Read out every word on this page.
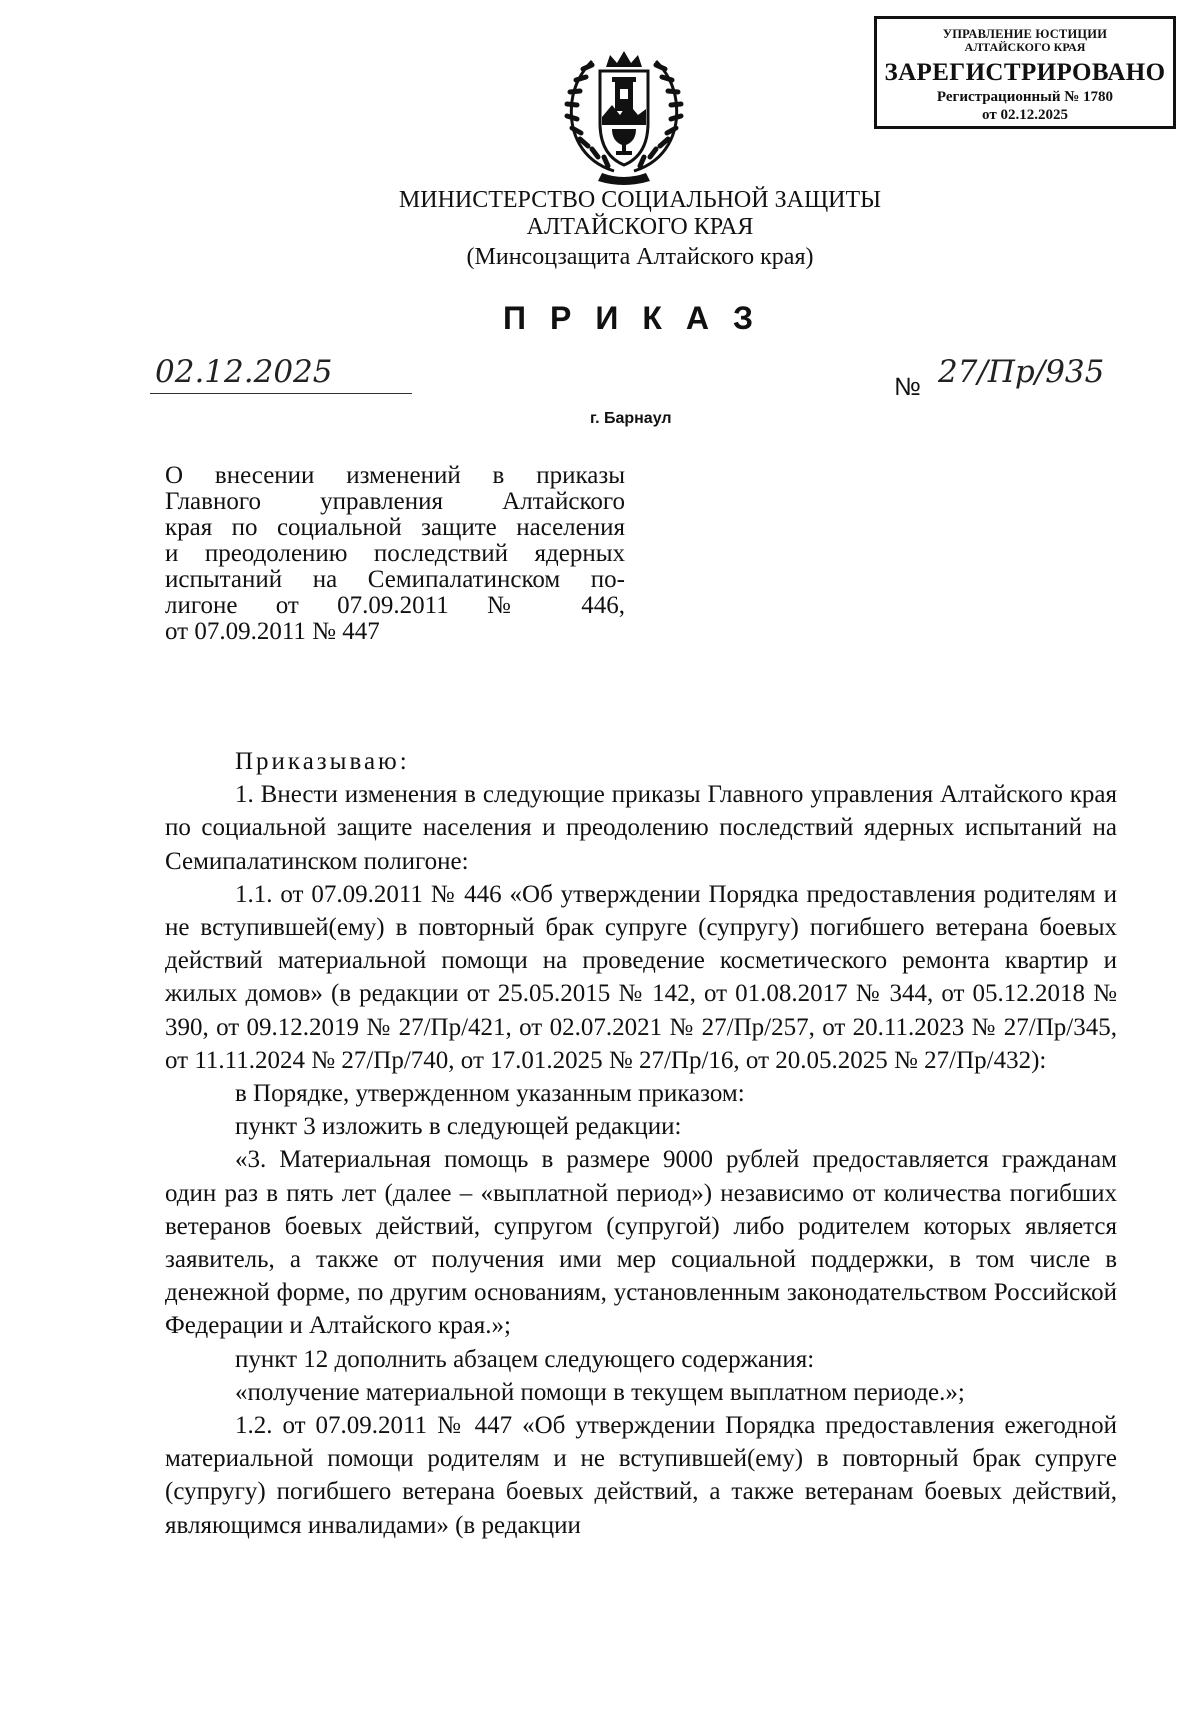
УПРАВЛЕНИЕ ЮСТИЦИИ
АЛТАЙСКОГО КРАЯ
ЗАРЕГИСТРИРОВАНО
Регистрационный № 1780
от 02.12.2025
МИНИСТЕРСТВО СОЦИАЛЬНОЙ ЗАЩИТЫ
АЛТАЙСКОГО КРАЯ
(Минсоцзащита Алтайского края)
ПРИКАЗ
02.12.2025	№ 27/Пр/935
г. Барнаул
О внесении изменений в приказы
Главного управления Алтайского
края по социальной защите населения
и преодолению последствий ядерных
испытаний на Семипалатинском по-
лигоне от 07.09.2011 № 446,
от 07.09.2011 № 447
Приказываю:

1. Внести изменения в следующие приказы Главного управления Алтайского края по социальной защите населения и преодолению последствий ядерных испытаний на Семипалатинском полигоне:

1.1. от 07.09.2011 № 446 «Об утверждении Порядка предоставления родителям и не вступившей(ему) в повторный брак супруге (супругу) погибшего ветерана боевых действий материальной помощи на проведение косметического ремонта квартир и жилых домов» (в редакции от 25.05.2015 № 142, от 01.08.2017 № 344, от 05.12.2018 № 390, от 09.12.2019 № 27/Пр/421, от 02.07.2021 № 27/Пр/257, от 20.11.2023 № 27/Пр/345, от 11.11.2024 № 27/Пр/740, от 17.01.2025 № 27/Пр/16, от 20.05.2025 № 27/Пр/432):

в Порядке, утвержденном указанным приказом:

пункт 3 изложить в следующей редакции:

«3. Материальная помощь в размере 9000 рублей предоставляется гражданам один раз в пять лет (далее – «выплатной период») независимо от количества погибших ветеранов боевых действий, супругом (супругой) либо родителем которых является заявитель, а также от получения ими мер социальной поддержки, в том числе в денежной форме, по другим основаниям, установленным законодательством Российской Федерации и Алтайского края.»;

пункт 12 дополнить абзацем следующего содержания:

«получение материальной помощи в текущем выплатном периоде.»;

1.2. от 07.09.2011 № 447 «Об утверждении Порядка предоставления ежегодной материальной помощи родителям и не вступившей(ему) в повторный брак супруге (супругу) погибшего ветерана боевых действий, а также ветеранам боевых действий, являющимся инвалидами» (в редакции
